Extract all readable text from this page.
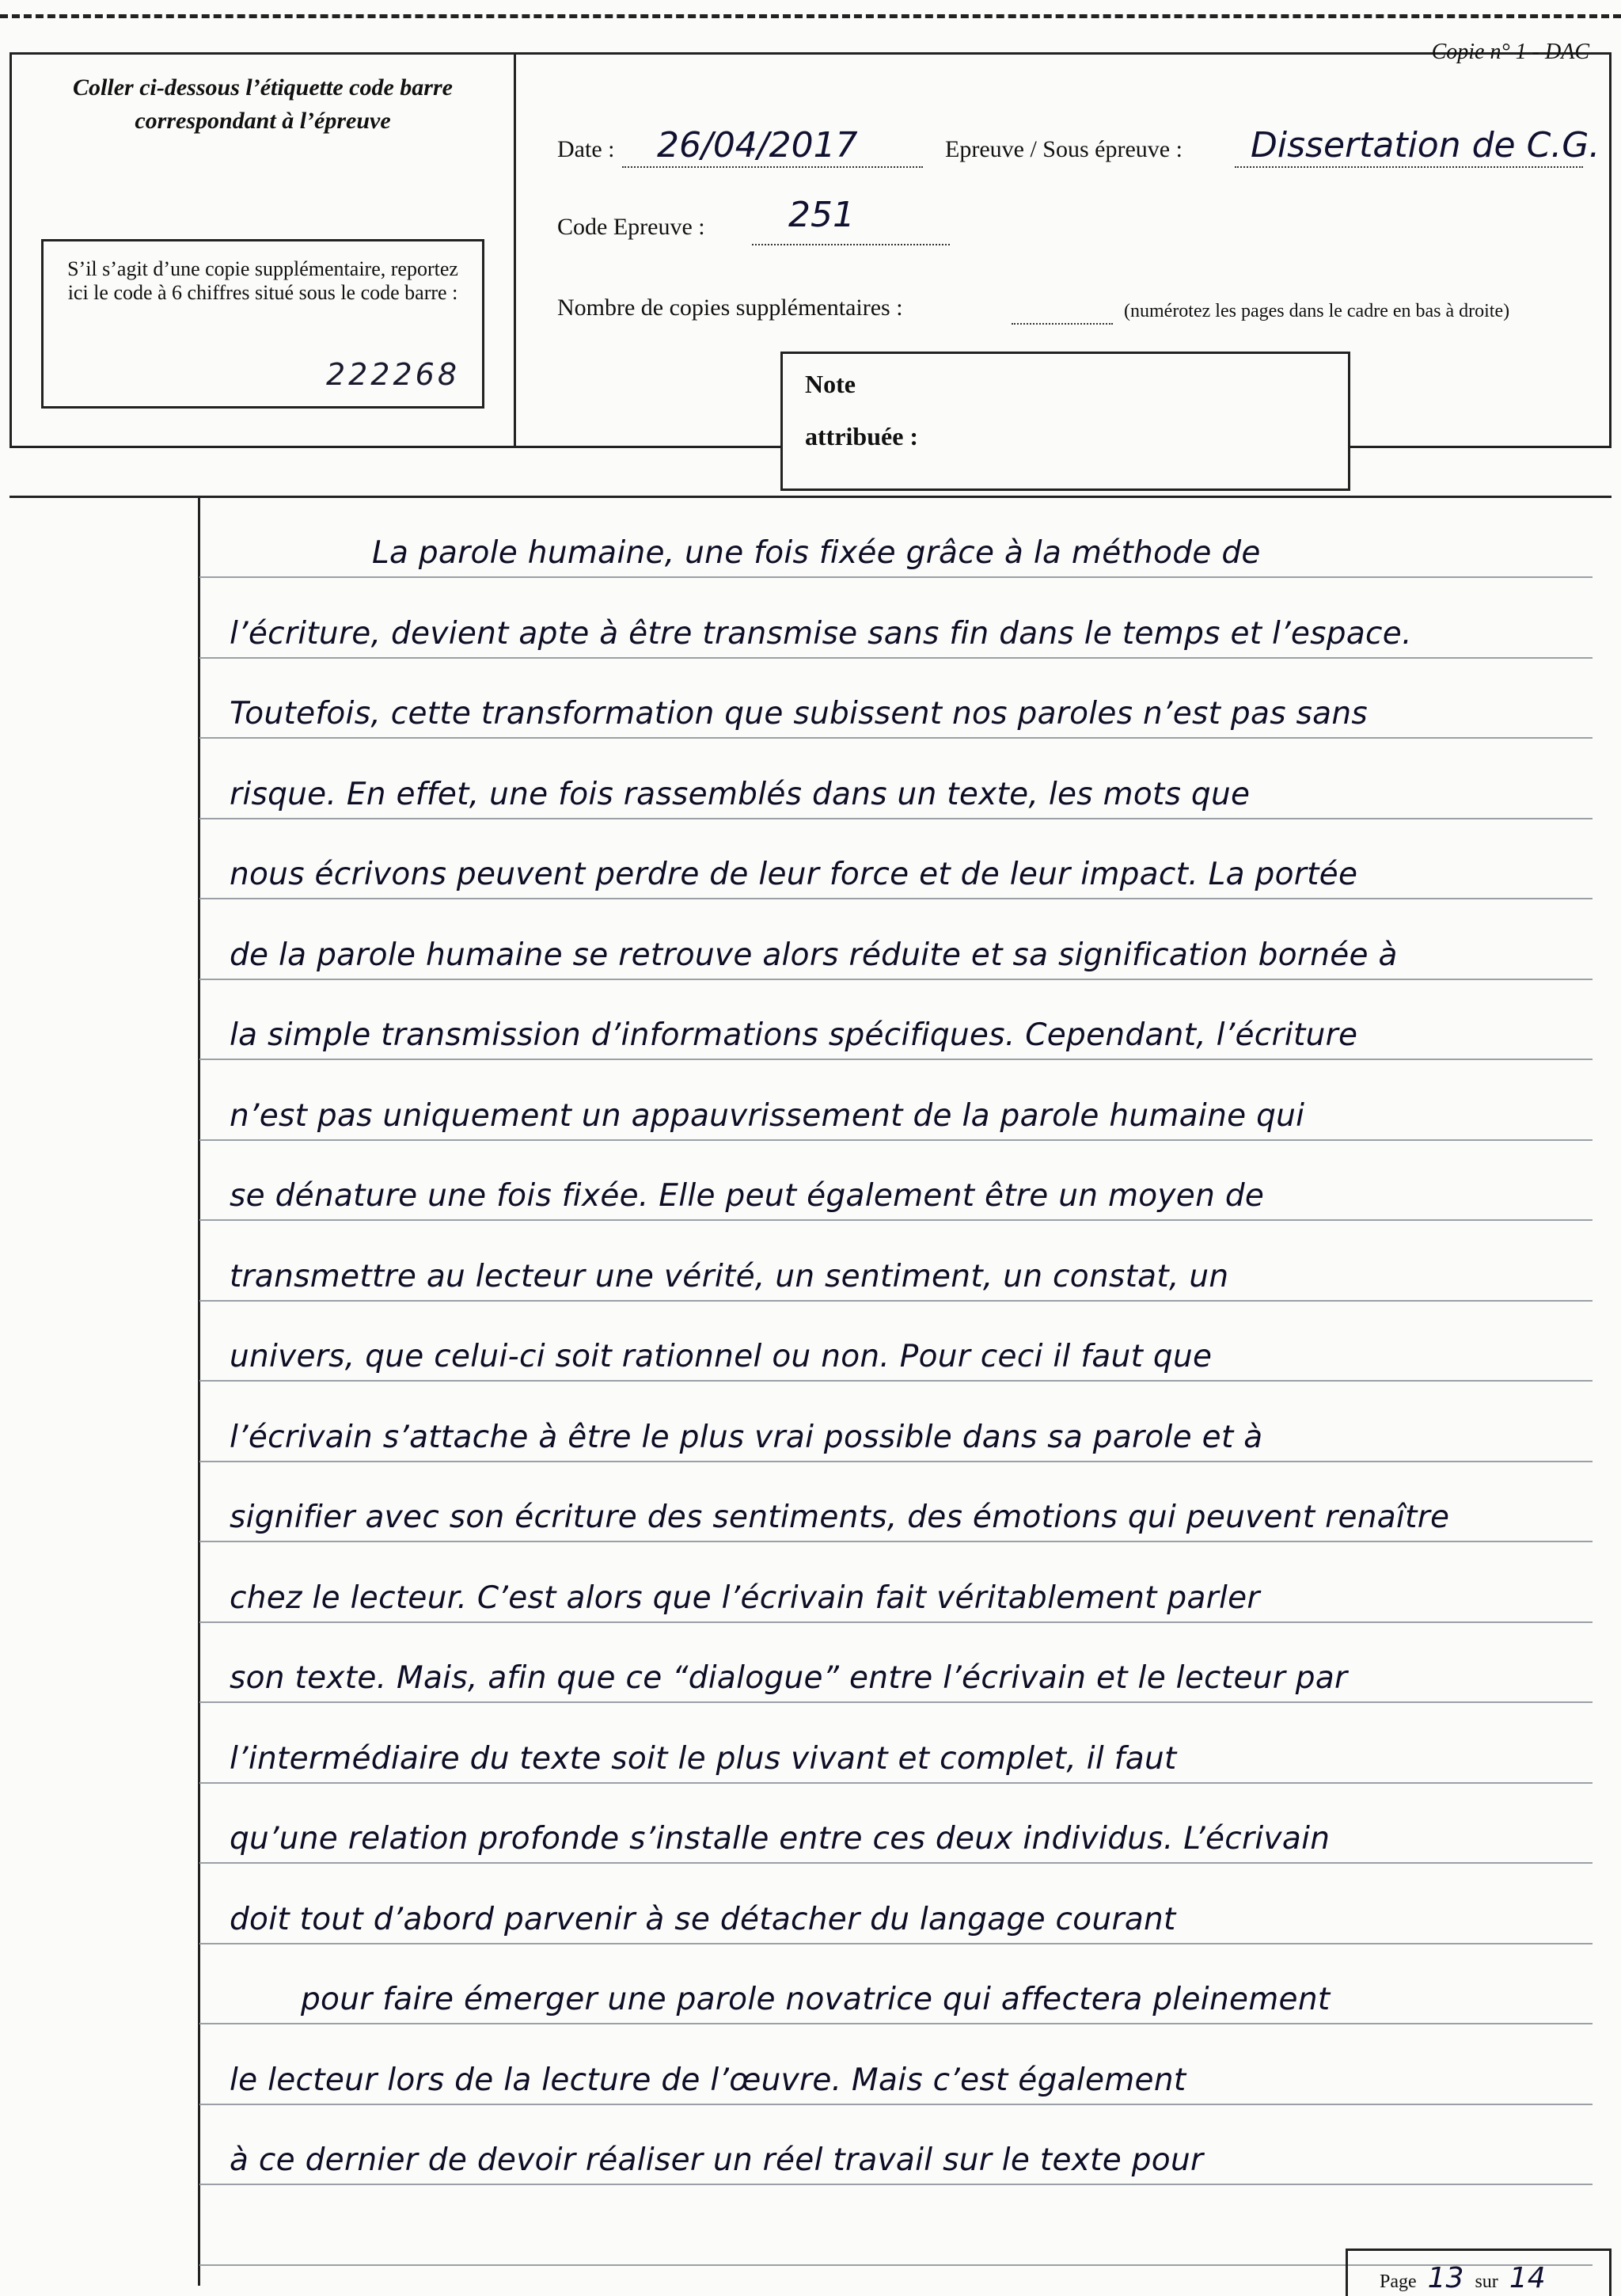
Coller ci-dessous l’étiquette code barre correspondant à l’épreuve
S’il s’agit d’une copie supplémentaire, reportez ici le code à 6 chiffres situé sous le code barre :
222268
Copie n° 1 - DAC
Date : 26/04/2017	Epreuve / Sous épreuve : Dissertation de C.G.
Code Epreuve : 251
Nombre de copies supplémentaires :	(numérotez les pages dans le cadre en bas à droite)
Note
attribuée :
La parole humaine, une fois fixée grâce à la méthode de
l’écriture, devient apte à être transmise sans fin dans le temps et l’espace.
Toutefois, cette transformation que subissent nos paroles n’est pas sans
risque. En effet, une fois rassemblés dans un texte, les mots que
nous écrivons peuvent perdre de leur force et de leur impact. La portée
de la parole humaine se retrouve alors réduite et sa signification bornée à
la simple transmission d’informations spécifiques. Cependant, l’écriture
n’est pas uniquement un appauvrissement de la parole humaine qui
se dénature une fois fixée. Elle peut également être un moyen de
transmettre au lecteur une vérité, un sentiment, un constat, un
univers, que celui-ci soit rationnel ou non. Pour ceci il faut que
l’écrivain s’attache à être le plus vrai possible dans sa parole et à
signifier avec son écriture des sentiments, des émotions qui peuvent renaître
chez le lecteur. C’est alors que l’écrivain fait véritablement parler
son texte. Mais, afin que ce “dialogue” entre l’écrivain et le lecteur par
l’intermédiaire du texte soit le plus vivant et complet, il faut
qu’une relation profonde s’installe entre ces deux individus. L’écrivain
doit tout d’abord parvenir à se détacher du langage courant
pour faire émerger une parole novatrice qui affectera pleinement
le lecteur lors de la lecture de l’œuvre. Mais c’est également
à ce dernier de devoir réaliser un réel travail sur le texte pour
Page 13 sur 14
